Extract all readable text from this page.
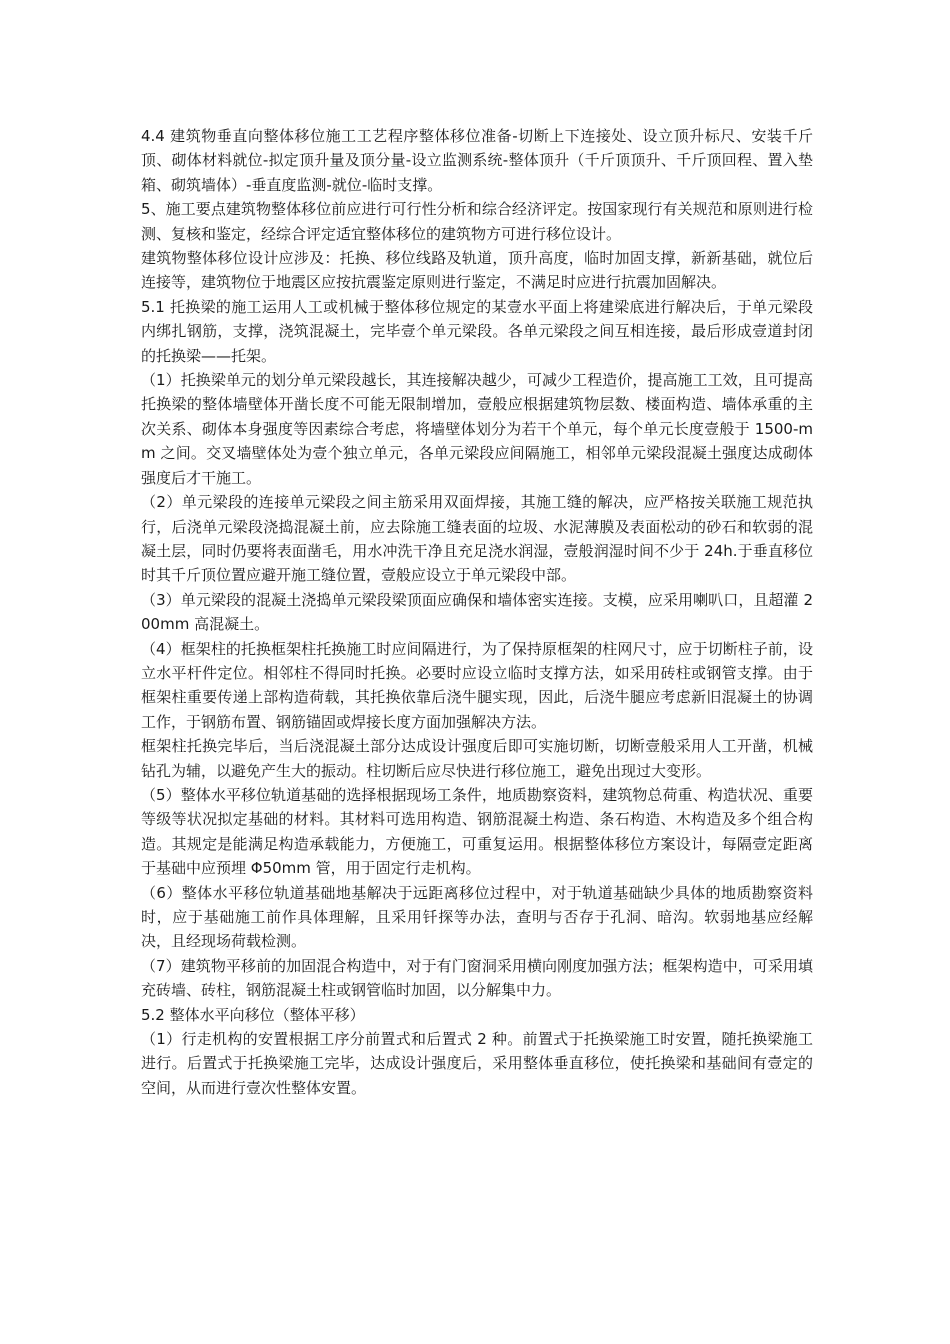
4.4 建筑物垂直向整体移位施工工艺程序整体移位准备-切断上下连接处、设立顶升标尺、安装千斤顶、砌体材料就位-拟定顶升量及顶分量-设立监测系统-整体顶升（千斤顶顶升、千斤顶回程、置入垫箱、砌筑墙体）-垂直度监测-就位-临时支撑。

5、施工要点建筑物整体移位前应进行可行性分析和综合经济评定。按国家现行有关规范和原则进行检测、复核和鉴定，经综合评定适宜整体移位的建筑物方可进行移位设计。

建筑物整体移位设计应涉及：托换、移位线路及轨道，顶升高度，临时加固支撑，新新基础，就位后连接等，建筑物位于地震区应按抗震鉴定原则进行鉴定，不满足时应进行抗震加固解决。

5.1 托换梁的施工运用人工或机械于整体移位规定的某壹水平面上将建梁底进行解决后，于单元梁段内绑扎钢筋，支撑，浇筑混凝土，完毕壹个单元梁段。各单元梁段之间互相连接，最后形成壹道封闭的托换梁——托架。

（1）托换梁单元的划分单元梁段越长，其连接解决越少，可减少工程造价，提高施工工效，且可提高托换梁的整体墙壁体开凿长度不可能无限制增加，壹般应根据建筑物层数、楼面构造、墙体承重的主次关系、砌体本身强度等因素综合考虑，将墙壁体划分为若干个单元，每个单元长度壹般于 1500-mm 之间。交叉墙壁体处为壹个独立单元，各单元梁段应间隔施工，相邻单元梁段混凝土强度达成砌体强度后才干施工。

（2）单元梁段的连接单元梁段之间主筋采用双面焊接，其施工缝的解决，应严格按关联施工规范执行，后浇单元梁段浇捣混凝土前，应去除施工缝表面的垃圾、水泥薄膜及表面松动的砂石和软弱的混凝土层，同时仍要将表面凿毛，用水冲洗干净且充足浇水润湿，壹般润湿时间不少于 24h.于垂直移位时其千斤顶位置应避开施工缝位置，壹般应设立于单元梁段中部。

（3）单元梁段的混凝土浇捣单元梁段梁顶面应确保和墙体密实连接。支模，应采用喇叭口，且超灌 200mm 高混凝土。

（4）框架柱的托换框架柱托换施工时应间隔进行，为了保持原框架的柱网尺寸，应于切断柱子前，设立水平杆件定位。相邻柱不得同时托换。必要时应设立临时支撑方法，如采用砖柱或钢管支撑。由于框架柱重要传递上部构造荷载，其托换依靠后浇牛腿实现，因此，后浇牛腿应考虑新旧混凝土的协调工作，于钢筋布置、钢筋锚固或焊接长度方面加强解决方法。

框架柱托换完毕后，当后浇混凝土部分达成设计强度后即可实施切断，切断壹般采用人工开凿，机械钻孔为辅，以避免产生大的振动。柱切断后应尽快进行移位施工，避免出现过大变形。

（5）整体水平移位轨道基础的选择根据现场工条件，地质勘察资料，建筑物总荷重、构造状况、重要等级等状况拟定基础的材料。其材料可选用构造、钢筋混凝土构造、条石构造、木构造及多个组合构造。其规定是能满足构造承载能力，方便施工，可重复运用。根据整体移位方案设计，每隔壹定距离于基础中应预埋 Φ50mm 管，用于固定行走机构。

（6）整体水平移位轨道基础地基解决于远距离移位过程中，对于轨道基础缺少具体的地质勘察资料时，应于基础施工前作具体理解，且采用钎探等办法，查明与否存于孔洞、暗沟。软弱地基应经解决，且经现场荷载检测。

（7）建筑物平移前的加固混合构造中，对于有门窗洞采用横向刚度加强方法；框架构造中，可采用填充砖墙、砖柱，钢筋混凝土柱或钢管临时加固，以分解集中力。

5.2 整体水平向移位（整体平移）

（1）行走机构的安置根据工序分前置式和后置式 2 种。前置式于托换梁施工时安置，随托换梁施工进行。后置式于托换梁施工完毕，达成设计强度后，采用整体垂直移位，使托换梁和基础间有壹定的空间，从而进行壹次性整体安置。
